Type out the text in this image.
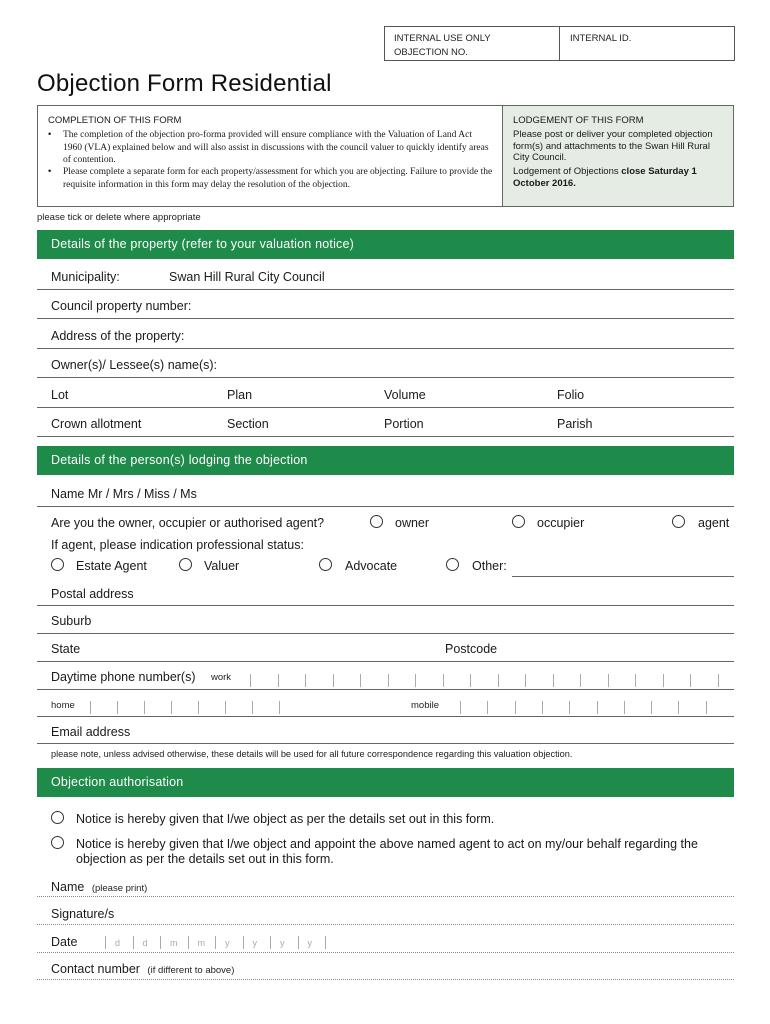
INTERNAL USE ONLY
OBJECTION NO.
INTERNAL ID.
Objection Form Residential
COMPLETION OF THIS FORM
• The completion of the objection pro-forma provided will ensure compliance with the Valuation of Land Act 1960 (VLA) explained below and will also assist in discussions with the council valuer to quickly identify areas of contention.
• Please complete a separate form for each property/assessment for which you are objecting. Failure to provide the requisite information in this form may delay the resolution of the objection.
LODGEMENT OF THIS FORM
Please post or deliver your completed objection form(s) and attachments to the Swan Hill Rural City Council.
Lodgement of Objections close Saturday 1 October 2016.
please tick or delete where appropriate
Details of the property (refer to your valuation notice)
Municipality:	Swan Hill Rural City Council
Council property number:
Address of the property:
Owner(s)/ Lessee(s) name(s):
Lot	Plan	Volume	Folio
Crown allotment	Section	Portion	Parish
Details of the person(s) lodging the objection
Name Mr / Mrs / Miss / Ms
Are you the owner, occupier or authorised agent?	owner	occupier	agent
If agent, please indication professional status:
Estate Agent	Valuer	Advocate	Other:
Postal address
Suburb
State	Postcode
Daytime phone number(s) work
home	mobile
Email address
please note, unless advised otherwise, these details will be used for all future correspondence regarding this valuation objection.
Objection authorisation
Notice is hereby given that I/we object as per the details set out in this form.
Notice is hereby given that I/we object and appoint the above named agent to act on my/our behalf regarding the objection as per the details set out in this form.
Name (please print)
Signature/s
Date	d d m m y	y	y	y
Contact number (if different to above)
